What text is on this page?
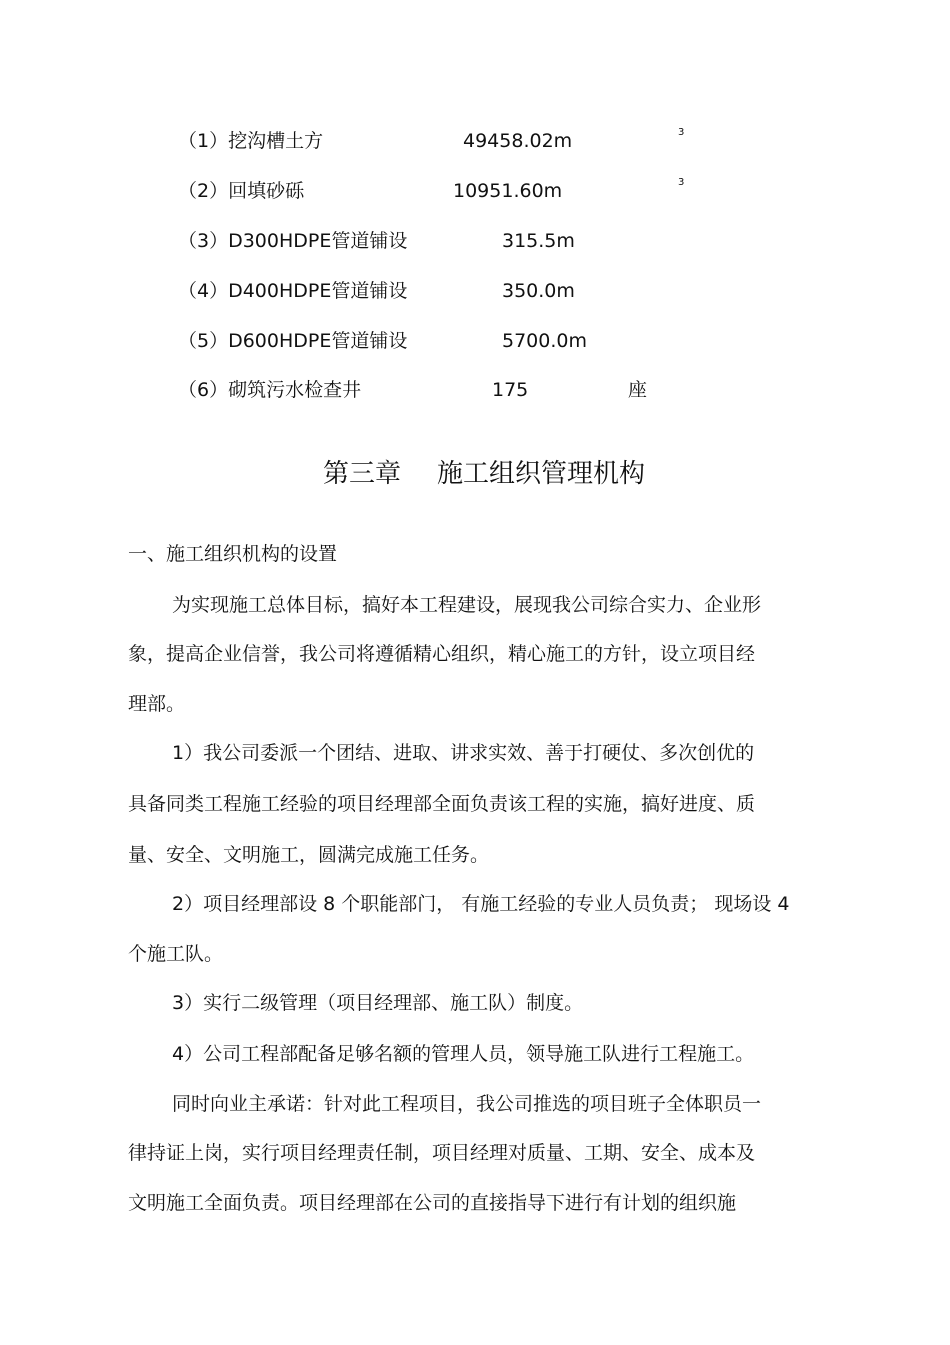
（1）挖沟槽土方	49458.02m	3
（2）回填砂砾	10951.60m	3
（3）D300HDPE管道铺设	315.5m
（4）D400HDPE管道铺设	350.0m
（5）D600HDPE管道铺设	5700.0m
（6）砌筑污水检查井	175	座
第三章 施工组织管理机构
一、施工组织机构的设置
为实现施工总体目标，搞好本工程建设，展现我公司综合实力、企业形
象，提高企业信誉，我公司将遵循精心组织，精心施工的方针，设立项目经
理部。
1）我公司委派一个团结、进取、讲求实效、善于打硬仗、多次创优的
具备同类工程施工经验的项目经理部全面负责该工程的实施，搞好进度、质
量、安全、文明施工，圆满完成施工任务。
2）项目经理部设 8 个职能部门， 有施工经验的专业人员负责； 现场设 4
个施工队。
3）实行二级管理（项目经理部、施工队）制度。
4）公司工程部配备足够名额的管理人员，领导施工队进行工程施工。
同时向业主承诺：针对此工程项目，我公司推选的项目班子全体职员一
律持证上岗，实行项目经理责任制，项目经理对质量、工期、安全、成本及
文明施工全面负责。项目经理部在公司的直接指导下进行有计划的组织施
